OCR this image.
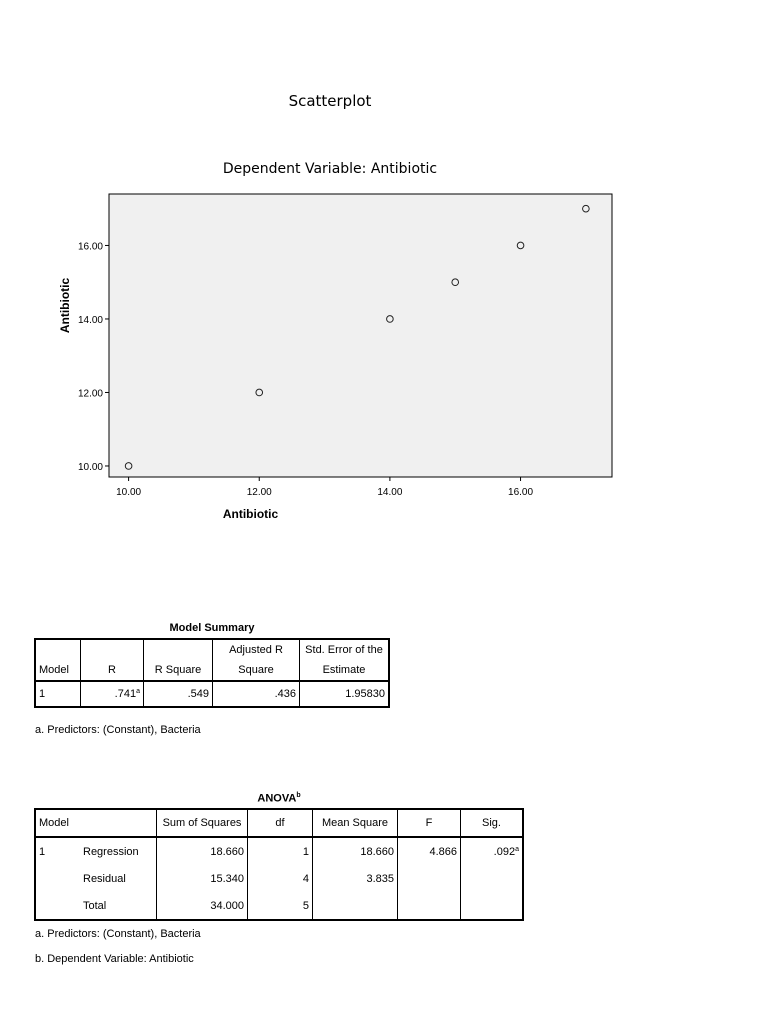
Scatterplot
Dependent Variable: Antibiotic
10.00
12.00
14.00
16.00
10.00	12.00	14.00	16.00
Antibiotic
Antibiotic
Model Summary
			Adjusted R	Std. Error of the
Model	R	R Square	Square	Estimate
1	.741$^a$	.549	.436	1.95830
a. Predictors: (Constant), Bacteria
ANOVA$^b$
Model		Sum of Squares	df	Mean Square	F	Sig.
1	Regression	18.660	1	18.660	4.866	.092$^a$
	Residual	15.340	4	3.835		
	Total	34.000	5			
a. Predictors: (Constant), Bacteria
b. Dependent Variable: Antibiotic
